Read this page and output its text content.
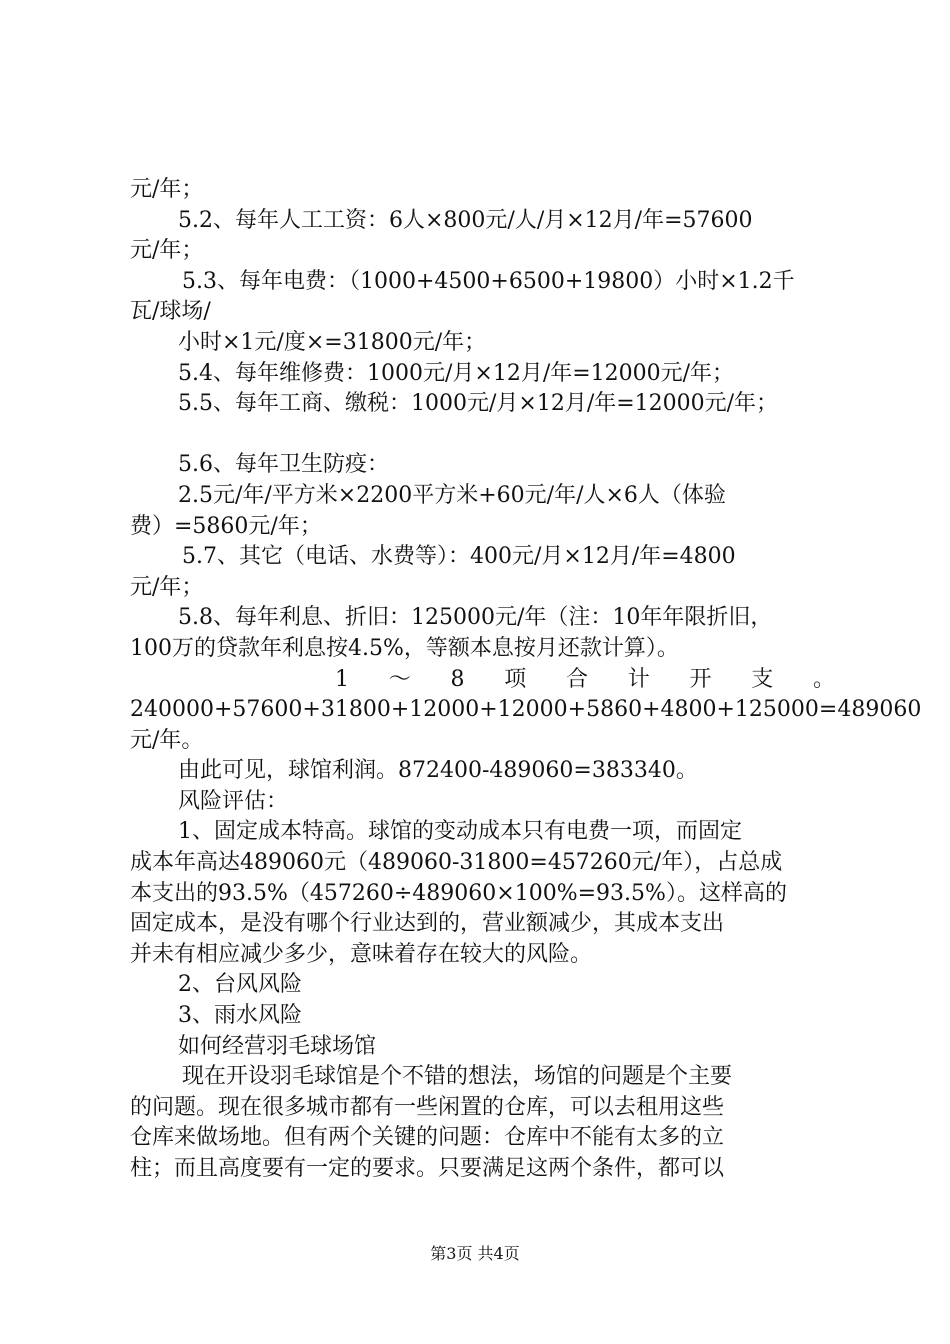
元/年；
5.2、每年人工工资：6人×800元/人/月×12月/年=57600
元/年；
5.3、每年电费：（1000+4500+6500+19800）小时×1.2千
瓦/球场/
小时×1元/度×=31800元/年；
5.4、每年维修费：1000元/月×12月/年=12000元/年；
5.5、每年工商、缴税：1000元/月×12月/年=12000元/年；
5.6、每年卫生防疫：
2.5元/年/平方米×2200平方米+60元/年/人×6人（体验
费）=5860元/年；
5.7、其它（电话、水费等）：400元/月×12月/年=4800
元/年；
5.8、每年利息、折旧：125000元/年（注：10年年限折旧，
100万的贷款年利息按4.5%，等额本息按月还款计算）。
1 ～ 8 项 合 计 开 支 。
240000+57600+31800+12000+12000+5860+4800+125000=489060
元/年。
由此可见，球馆利润。872400-489060=383340。
风险评估：
1、固定成本特高。球馆的变动成本只有电费一项，而固定
成本年高达489060元（489060-31800=457260元/年），占总成
本支出的93.5%（457260÷489060×100%=93.5%）。这样高的
固定成本，是没有哪个行业达到的，营业额减少，其成本支出
并未有相应减少多少，意味着存在较大的风险。
2、台风风险
3、雨水风险
如何经营羽毛球场馆
现在开设羽毛球馆是个不错的想法，场馆的问题是个主要
的问题。现在很多城市都有一些闲置的仓库，可以去租用这些
仓库来做场地。但有两个关键的问题：仓库中不能有太多的立
柱；而且高度要有一定的要求。只要满足这两个条件，都可以
第3页 共4页
